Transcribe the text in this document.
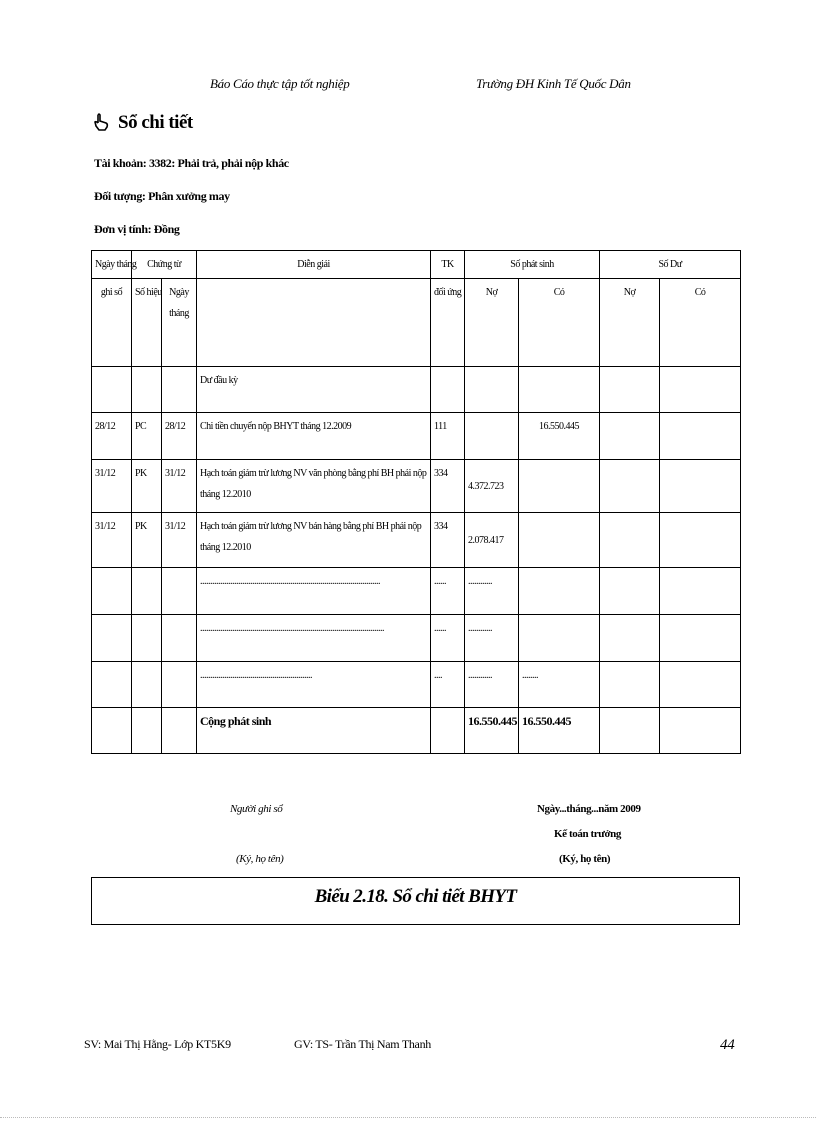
Báo Cáo thực tập tốt nghiệp	Trường ĐH Kinh Tế Quốc Dân
Sổ chi tiết
Tài khoản: 3382: Phải trả, phải nộp khác
Đối tượng: Phân xưởng may
Đơn vị tính: Đồng
Ngày tháng	Chứng từ		Diễn giải	TK	Số phát sinh		Số Dư	
ghi sổ	Số hiệu	Ngày tháng		đối ứng	Nợ	Có	Nợ	Có
			Dư đầu kỳ					
28/12	PC	28/12	Chi tiền chuyển nộp BHYT tháng 12.2009	111		16.550.445		
31/12	PK	31/12	Hạch toán giảm trừ lương NV văn phòng bằng phí BH phải nộp tháng 12.2010	334	4.372.723			
31/12	PK	31/12	Hạch toán giảm trừ lương NV bán hàng bằng phí BH phải nộp tháng 12.2010	334	2.078.417			
			..........................................................................................	......	............			
			............................................................................................	......	............			
			........................................................	....	............	........		
			Cộng phát sinh		16.550.445	16.550.445		
Người ghi sổ
(Ký, họ tên)
Ngày...tháng...năm 2009
Kế toán trưởng
(Ký, họ tên)
Biểu 2.18. Sổ chi tiết BHYT
SV: Mai Thị Hằng- Lớp KT5K9	GV: TS- Trần Thị Nam Thanh	44
